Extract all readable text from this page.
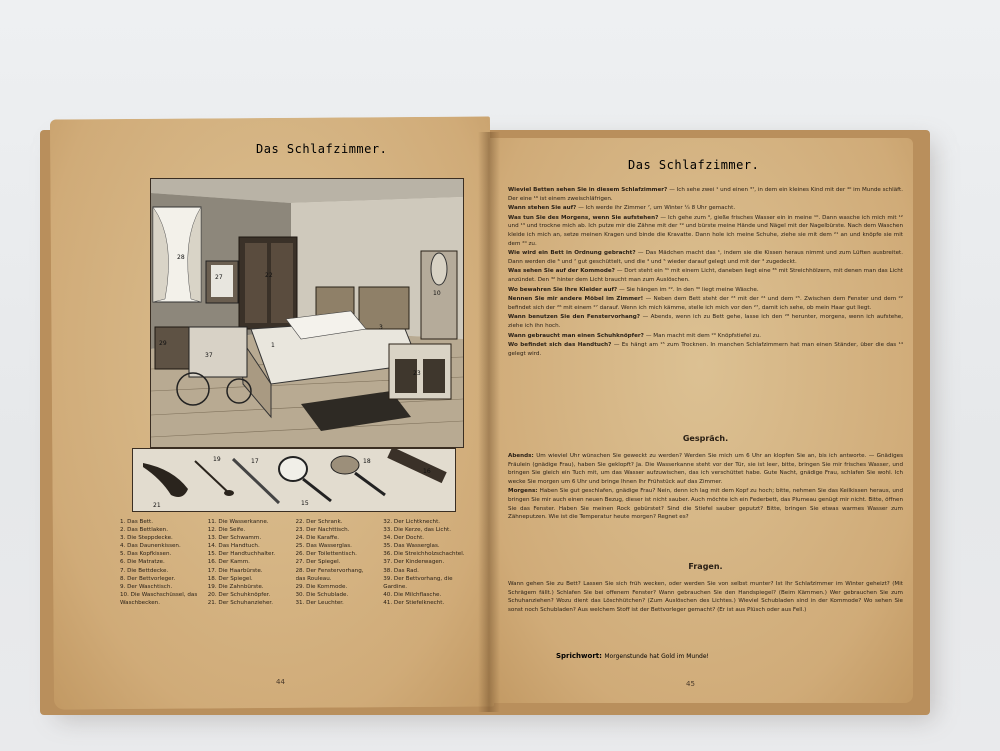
Das Schlafzimmer.
28
22
27
1
3
29
23
10
37
21
19	17
15
18
16
1. Das Bett.
2. Das Bettlaken.
3. Die Steppdecke.
4. Das Daunenkissen.
5. Das Kopfkissen.
6. Die Matratze.
7. Die Bettdecke.
8. Der Bettvorleger.
9. Der Waschtisch.
10. Die Waschschüssel, das
Waschbecken.
11. Die Wasserkanne.
12. Die Seife.
13. Der Schwamm.
14. Das Handtuch.
15. Der Handtuchhalter.
16. Der Kamm.
17. Die Haarbürste.
18. Der Spiegel.
19. Die Zahnbürste.
20. Der Schuhknöpfer.
21. Der Schuhanzieher.
22. Der Schrank.
23. Der Nachttisch.
24. Die Karaffe.
25. Das Wasserglas.
26. Der Toilettentisch.
27. Der Spiegel.
28. Der Fenstervorhang,
das Rouleau.
29. Die Kommode.
30. Die Schublade.
31. Der Leuchter.
32. Der Lichtknecht.
33. Die Kerze, das Licht.
34. Der Docht.
35. Das Wasserglas.
36. Die Streichholzschachtel.
37. Der Kinderwagen.
38. Das Rad.
39. Der Bettvorhang, die
Gardine.
40. Die Milchflasche.
41. Der Stiefelknecht.
44
Das Schlafzimmer.

Wieviel Betten sehen Sie in diesem Schlafzimmer? — Ich sehe zwei ¹ und einen ³⁷, in dem ein kleines Kind mit der ⁴⁰ im Munde schläft. Der eine ¹⁶ ist einem zweischläfrigen.

Wann stehen Sie auf? — Ich werde ihr Zimmer ⁷, um Winter ¼ 8 Uhr gemacht.

Was tun Sie des Morgens, wenn Sie aufstehen? — Ich gehe zum ⁹, gieße frisches Wasser ein in meine ¹⁰. Dann wasche ich mich mit ¹² und ¹³ und trockne mich ab. Ich putze mir die Zähne mit der ¹⁹ und bürste meine Hände und Nägel mit der Nagelbürste. Nach dem Waschen kleide ich mich an, setze meinen Kragen und binde die Kravatte. Dann hole ich meine Schuhe, ziehe sie mit dem ²¹ an und knöpfe sie mit dem ²⁰ zu.

Wie wird ein Bett in Ordnung gebracht? — Das Mädchen macht das ¹, indem sie die Kissen heraus nimmt und zum Lüften ausbreitet. Dann werden die ⁶ und ⁷ gut geschüttelt, und die ⁴ und ⁵ wieder darauf gelegt und mit der ³ zugedeckt.

Was sehen Sie auf der Kommode? — Dort steht ein ³¹ mit einem Licht, daneben liegt eine ³⁶ mit Streichhölzern, mit denen man das Licht anzündet. Den ³² hinter dem Licht braucht man zum Auslöschen.

Wo bewahren Sie Ihre Kleider auf? — Sie hängen im ²². In den ³⁰ liegt meine Wäsche.

Nennen Sie mir andere Möbel im Zimmer! — Neben dem Bett steht der ²³ mit der ²⁴ und dem ²⁵. Zwischen dem Fenster und dem ²² befindet sich der ²⁶ mit einem ²⁷ darauf. Wenn ich mich kämme, stelle ich mich vor den ²⁷, damit ich sehe, ob mein Haar gut liegt.

Wann benutzen Sie den Fenstervorhang? — Abends, wenn ich zu Bett gehe, lasse ich den ²⁸ herunter, morgens, wenn ich aufstehe, ziehe ich ihn hoch.

Wann gebraucht man einen Schuhknöpfer? — Man macht mit dem ²⁰ Knöpfstiefel zu.

Wo befindet sich das Handtuch? — Es hängt am ¹⁵ zum Trocknen. In manchen Schlafzimmern hat man einen Ständer, über die das ¹⁴ gelegt wird.

Gespräch.

Abends: Um wieviel Uhr wünschen Sie geweckt zu werden? Werden Sie mich um 6 Uhr an klopfen Sie an, bis ich antworte. — Gnädiges Fräulein (gnädige Frau), haben Sie geklopft? Ja. Die Wasserkanne steht vor der Tür, sie ist leer, bitte, bringen Sie mir frisches Wasser, und bringen Sie gleich ein Tuch mit, um das Wasser aufzuwischen, das ich verschüttet habe. Gute Nacht, gnädige Frau, schlafen Sie wohl. Ich wecke Sie morgen um 6 Uhr und bringe Ihnen Ihr Frühstück auf das Zimmer.

Morgens: Haben Sie gut geschlafen, gnädige Frau? Nein, denn ich lag mit dem Kopf zu hoch; bitte, nehmen Sie das Keilkissen heraus, und bringen Sie mir auch einen neuen Bezug, dieser ist nicht sauber. Auch möchte ich ein Federbett, das Plumeau genügt mir nicht. Bitte, öffnen Sie das Fenster. Haben Sie meinen Rock gebürstet? Sind die Stiefel sauber geputzt? Bitte, bringen Sie etwas warmes Wasser zum Zähneputzen. Wie ist die Temperatur heute morgen? Regnet es?

Fragen.

Wann gehen Sie zu Bett? Lassen Sie sich früh wecken, oder werden Sie von selbst munter? Ist Ihr Schlafzimmer im Winter geheizt? (Mit Schrägem fällt.) Schlafen Sie bei offenem Fenster? Wann gebrauchen Sie den Handspiegel? (Beim Kämmen.) Wer gebrauchen Sie zum Schuhanziehen? Wozu dient das Löschhütchen? (Zum Auslöschen des Lichtes.) Wieviel Schubladen sind in der Kommode? Wo sehen Sie sonst noch Schubladen? Aus welchem Stoff ist der Bettvorleger gemacht? (Er ist aus Plüsch oder aus Fell.)

Sprichwort: Morgenstunde hat Gold im Munde!
45
